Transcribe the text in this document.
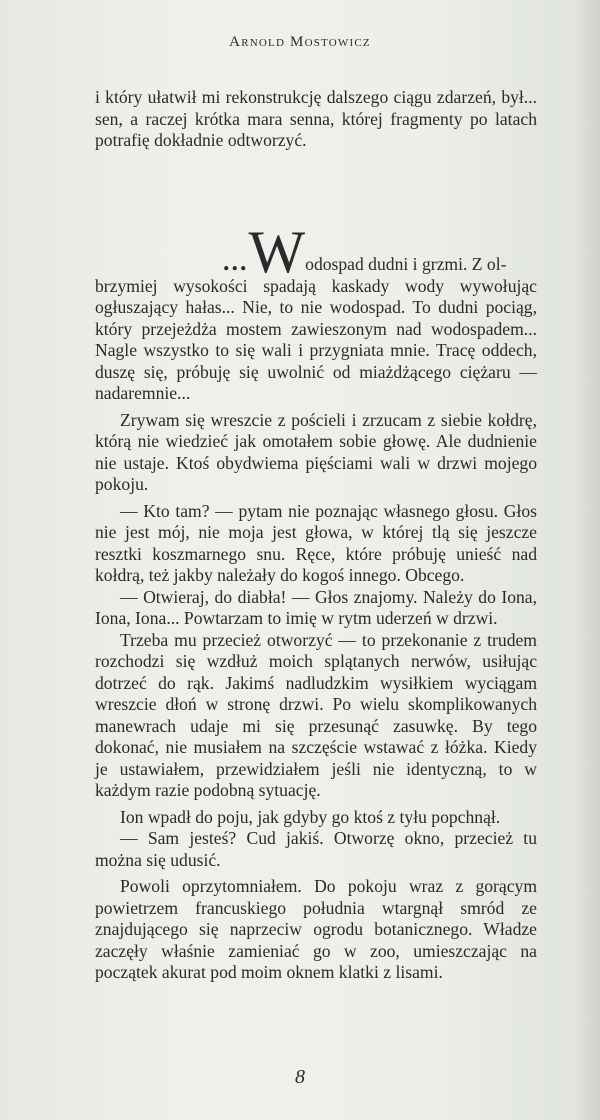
Arnold Mostowicz

i który ułatwił mi rekonstrukcję dalszego ciągu zdarzeń, był... sen, a raczej krótka mara senna, której fragmenty po latach potrafię dokładnie odtworzyć.

...Wodospad dudni i grzmi. Z ol-

brzymiej wysokości spadają kaskady wody wywołując ogłuszający hałas... Nie, to nie wodospad. To dudni pociąg, który przejeżdża mostem zawieszonym nad wodospadem... Nagle wszystko to się wali i przygniata mnie. Tracę oddech, duszę się, próbuję się uwolnić od miażdżącego ciężaru — nadaremnie...

Zrywam się wreszcie z pościeli i zrzucam z siebie kołdrę, którą nie wiedzieć jak omotałem sobie głowę. Ale dudnienie nie ustaje. Ktoś obydwiema pięściami wali w drzwi mojego pokoju.

— Kto tam? — pytam nie poznając własnego głosu. Głos nie jest mój, nie moja jest głowa, w której tlą się jeszcze resztki koszmarnego snu. Ręce, które próbuję unieść nad kołdrą, też jakby należały do kogoś innego. Obcego.

— Otwieraj, do diabła! — Głos znajomy. Należy do Iona, Iona, Iona... Powtarzam to imię w rytm uderzeń w drzwi.

Trzeba mu przecież otworzyć — to przekonanie z trudem rozchodzi się wzdłuż moich splątanych nerwów, usiłując dotrzeć do rąk. Jakimś nadludzkim wysiłkiem wyciągam wreszcie dłoń w stronę drzwi. Po wielu skomplikowanych manewrach udaje mi się przesunąć zasuwkę. By tego dokonać, nie musiałem na szczęście wstawać z łóżka. Kiedy je ustawiałem, przewidziałem jeśli nie identyczną, to w każdym razie podobną sytuację.

Ion wpadł do poju, jak gdyby go ktoś z tyłu popchnął.

— Sam jesteś? Cud jakiś. Otworzę okno, przecież tu można się udusić.

Powoli oprzytomniałem. Do pokoju wraz z gorącym powietrzem francuskiego południa wtargnął smród ze znajdującego się naprzeciw ogrodu botanicznego. Władze zaczęły właśnie zamieniać go w zoo, umieszczając na początek akurat pod moim oknem klatki z lisami.

8
